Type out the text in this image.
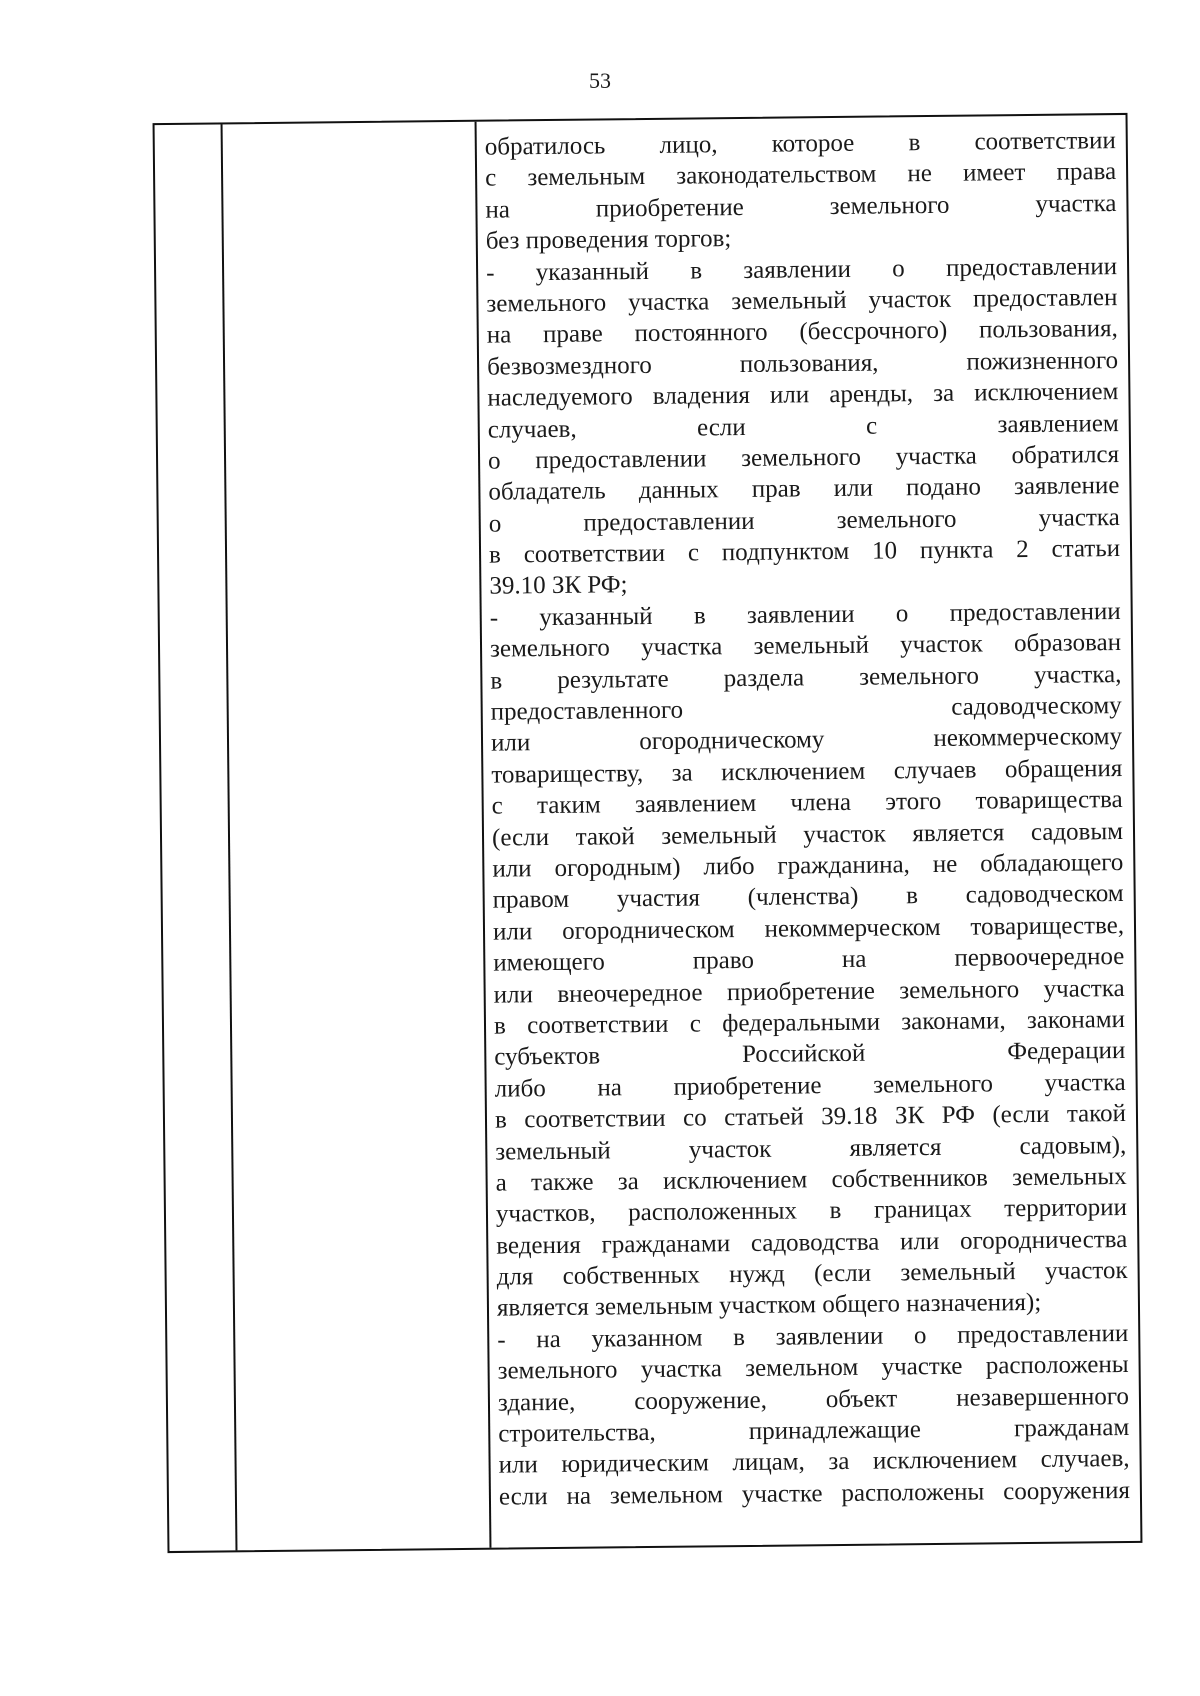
53
обратилось лицо, которое в соответствии
с земельным законодательством не имеет права
на приобретение земельного участка
без проведения торгов;
- указанный в заявлении о предоставлении
земельного участка земельный участок предоставлен
на праве постоянного (бессрочного) пользования,
безвозмездного пользования, пожизненного
наследуемого владения или аренды, за исключением
случаев, если с заявлением
о предоставлении земельного участка обратился
обладатель данных прав или подано заявление
о предоставлении земельного участка
в соответствии с подпунктом 10 пункта 2 статьи
39.10 ЗК РФ;
- указанный в заявлении о предоставлении
земельного участка земельный участок образован
в результате раздела земельного участка,
предоставленного садоводческому
или огородническому некоммерческому
товариществу, за исключением случаев обращения
с таким заявлением члена этого товарищества
(если такой земельный участок является садовым
или огородным) либо гражданина, не обладающего
правом участия (членства) в садоводческом
или огородническом некоммерческом товариществе,
имеющего право на первоочередное
или внеочередное приобретение земельного участка
в соответствии с федеральными законами, законами
субъектов Российской Федерации
либо на приобретение земельного участка
в соответствии со статьей 39.18 ЗК РФ (если такой
земельный участок является садовым),
а также за исключением собственников земельных
участков, расположенных в границах территории
ведения гражданами садоводства или огородничества
для собственных нужд (если земельный участок
является земельным участком общего назначения);
- на указанном в заявлении о предоставлении
земельного участка земельном участке расположены
здание, сооружение, объект незавершенного
строительства, принадлежащие гражданам
или юридическим лицам, за исключением случаев,
если на земельном участке расположены сооружения
